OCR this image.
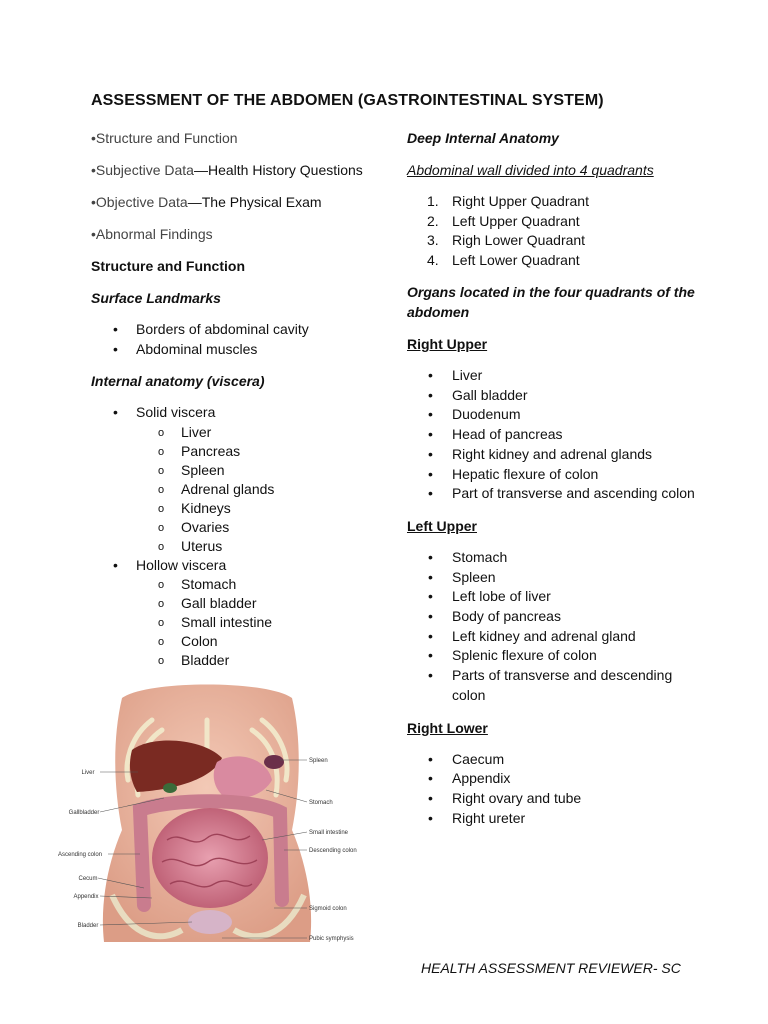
ASSESSMENT OF THE ABDOMEN (GASTROINTESTINAL SYSTEM)
•Structure and Function
•Subjective Data—Health History Questions
•Objective Data—The Physical Exam
•Abnormal Findings
Structure and Function
Surface Landmarks
• Borders of abdominal cavity
• Abdominal muscles
Internal anatomy (viscera)
• Solid viscera
o Liver
o Pancreas
o Spleen
o Adrenal glands
o Kidneys
o Ovaries
o Uterus
• Hollow viscera
o Stomach
o Gall bladder
o Small intestine
o Colon
o Bladder
Liver
Gallbladder
Ascending colon
Cecum
Appendix
Bladder
Spleen
Stomach
Small intestine
Descending colon
Sigmoid colon
Pubic symphysis
Deep Internal Anatomy
Abdominal wall divided into 4 quadrants
1. Right Upper Quadrant
2. Left Upper Quadrant
3. Righ Lower Quadrant
4. Left Lower Quadrant
Organs located in the four quadrants of the abdomen
Right Upper
• Liver
• Gall bladder
• Duodenum
• Head of pancreas
• Right kidney and adrenal glands
• Hepatic flexure of colon
• Part of transverse and ascending colon
Left Upper
• Stomach
• Spleen
• Left lobe of liver
• Body of pancreas
• Left kidney and adrenal gland
• Splenic flexure of colon
• Parts of transverse and descending colon
Right Lower
• Caecum
• Appendix
• Right ovary and tube
• Right ureter
HEALTH ASSESSMENT REVIEWER- SC
